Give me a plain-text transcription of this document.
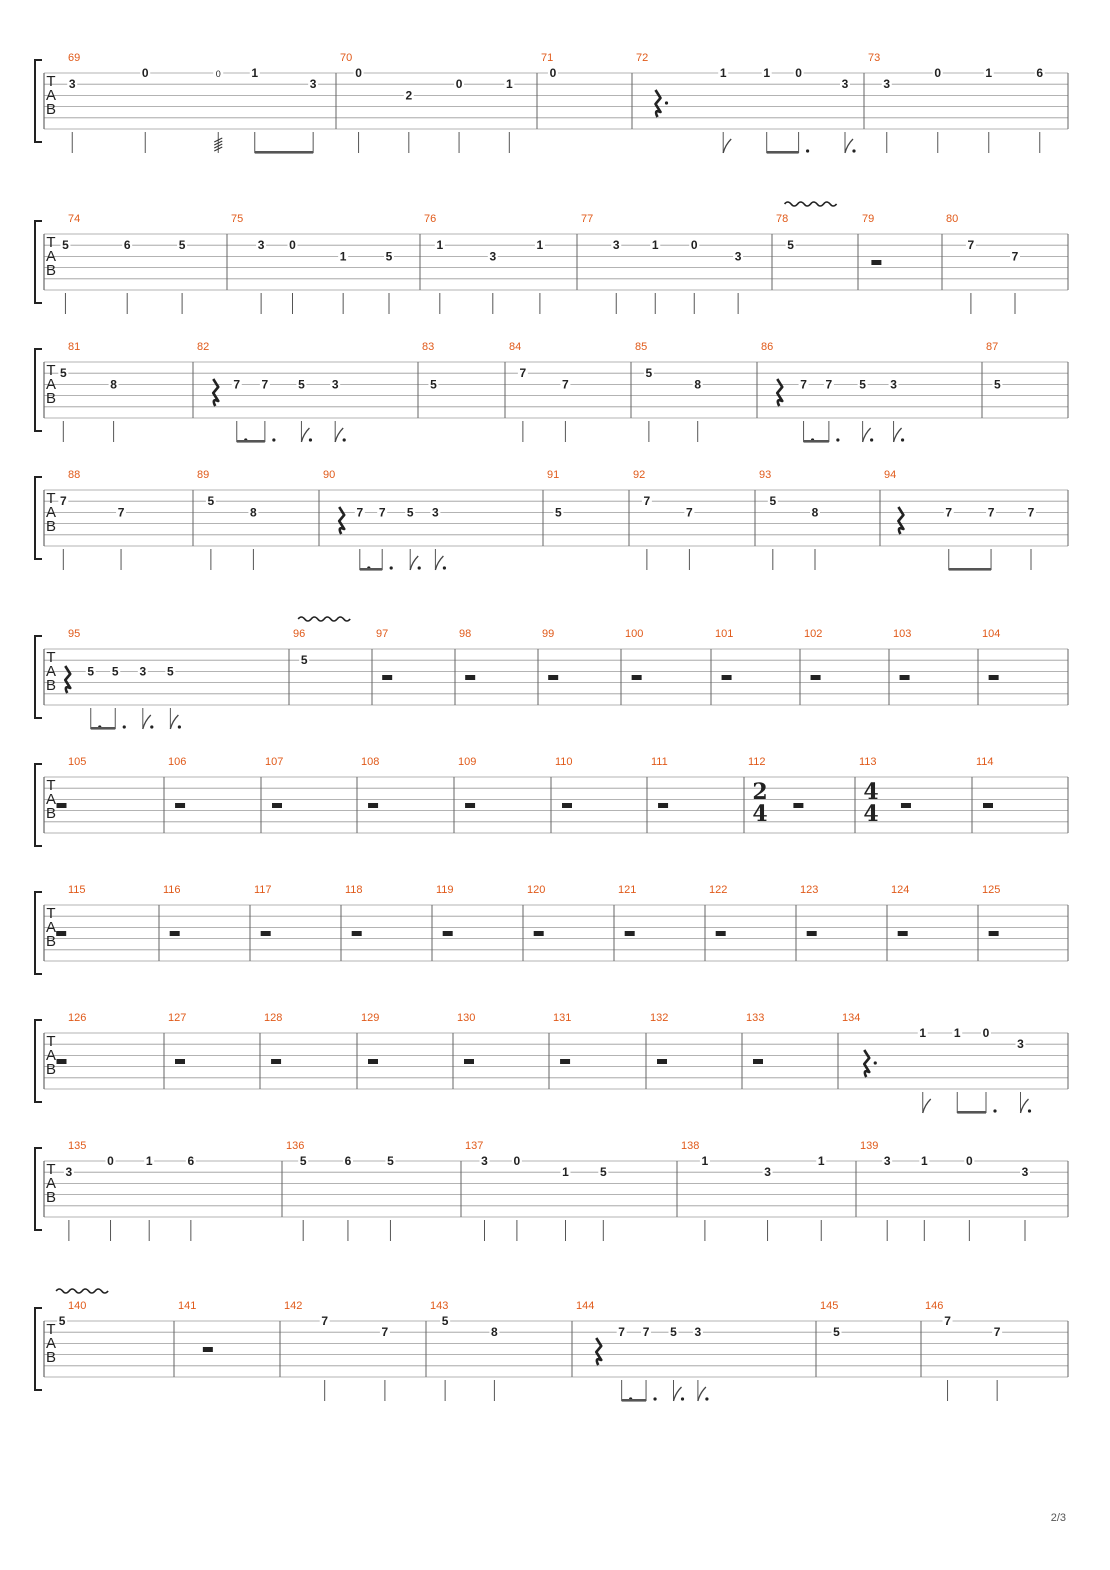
T
A
B
69
3
0	0	1
3
70
0
2
0	1
71
0
72
1	1 0
3
73
3
0	1	6
T
A
B
74
5	6	5
75
3 0
1	5
76
1
3
1
77
3	1	0
3
78
5
79	80
7
7
T
A
B
81
5
8
82
7 7 5 3
83
5
84
7
7
85
5
8
86
7 7 5 3
87
5
T
A
B
88
7
7
89
5
8
90
7 7 5 3
91
5
92
7
7
93
5
8
94
7	7	7
T
A
B
95
5 5 3 5
96
5
97	98	99	100	101	102	103	104
T
A
B
105	106	107	108	109	110	111	112
2
4
113
4
4
114
T
A
B
115	116	117	118	119	120	121	122	123	124	125
T
A
B
126	127	128	129	130	131	132	133	134
1 1 0
3
T
A
B
135
3
0	1	6
136
5	6	5
137
3 0
1	5
138
1
3
1
139
3	1	0
3
T
A
B
140
5
141	142
7
7
143
5
8
144
7 7 5 3
145
5
146
7
7
2/3
